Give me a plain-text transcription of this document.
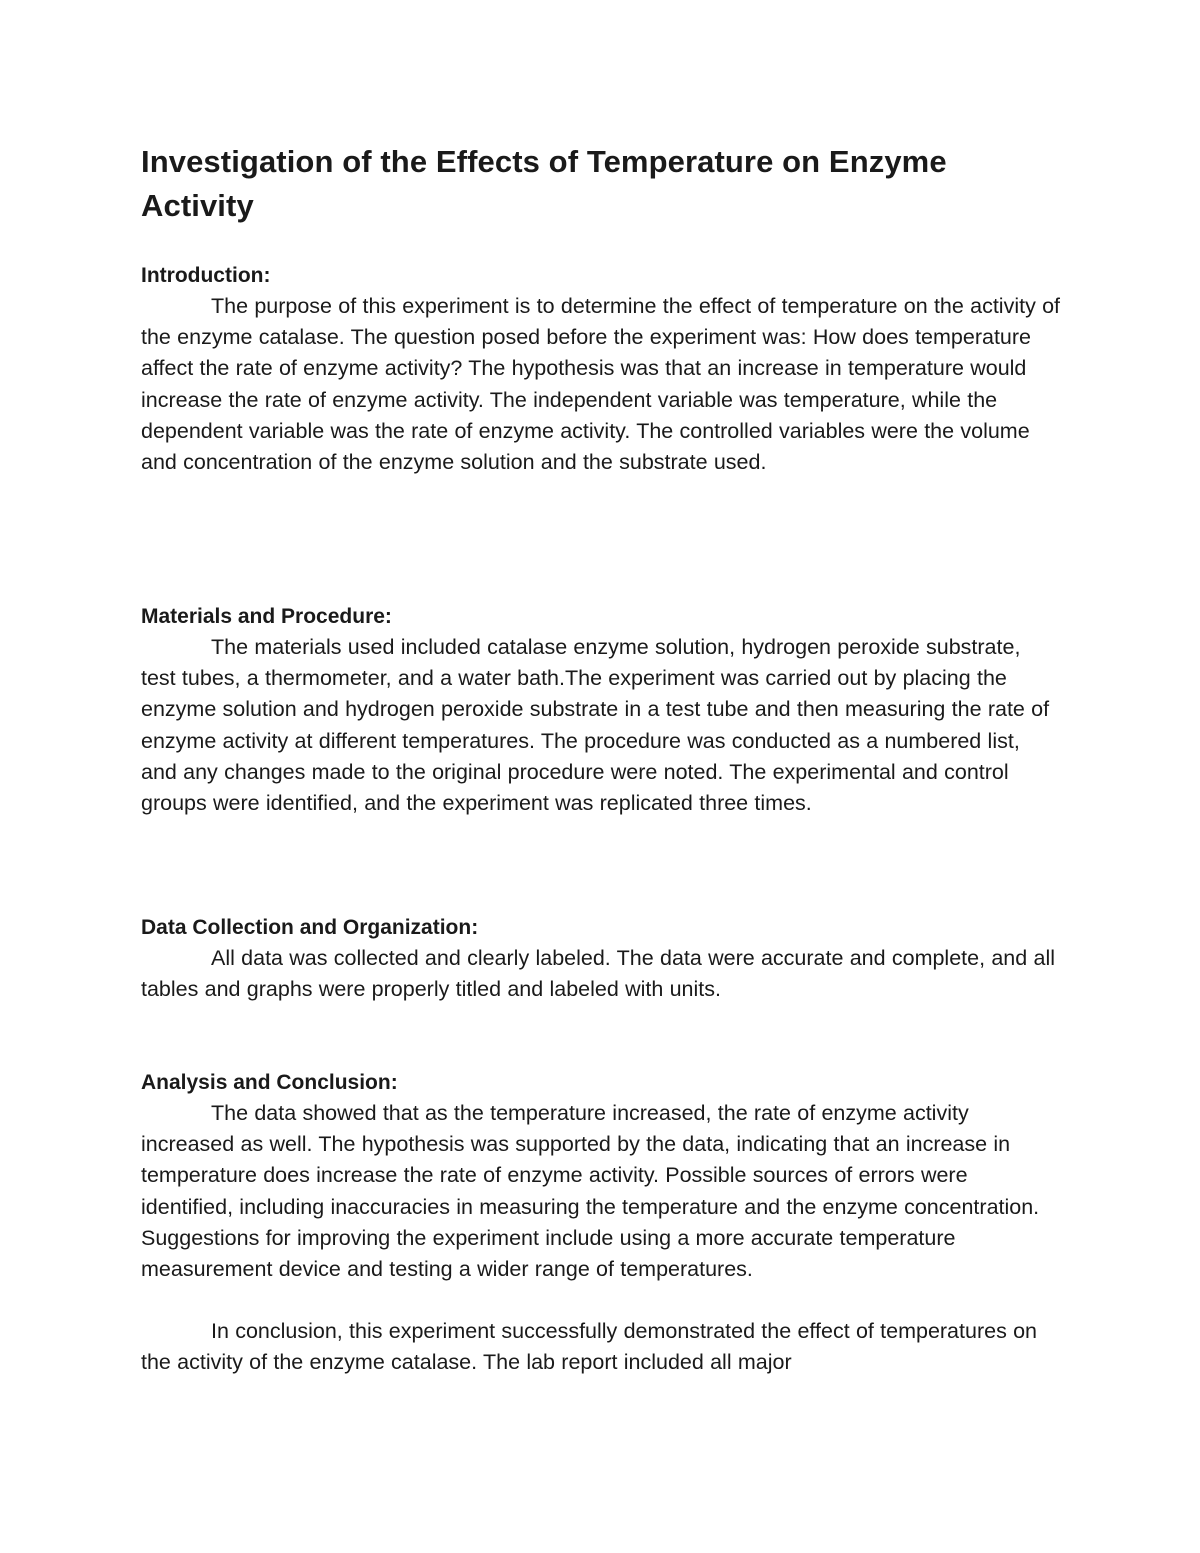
Investigation of the Effects of Temperature on Enzyme Activity

Introduction:

The purpose of this experiment is to determine the effect of temperature on the activity of the enzyme catalase. The question posed before the experiment was: How does temperature affect the rate of enzyme activity? The hypothesis was that an increase in temperature would increase the rate of enzyme activity. The independent variable was temperature, while the dependent variable was the rate of enzyme activity. The controlled variables were the volume and concentration of the enzyme solution and the substrate used.

Materials and Procedure:

The materials used included catalase enzyme solution, hydrogen peroxide substrate, test tubes, a thermometer, and a water bath.The experiment was carried out by placing the enzyme solution and hydrogen peroxide substrate in a test tube and then measuring the rate of enzyme activity at different temperatures. The procedure was conducted as a numbered list, and any changes made to the original procedure were noted. The experimental and control groups were identified, and the experiment was replicated three times.

Data Collection and Organization:

All data was collected and clearly labeled. The data were accurate and complete, and all tables and graphs were properly titled and labeled with units.

Analysis and Conclusion:

The data showed that as the temperature increased, the rate of enzyme activity increased as well. The hypothesis was supported by the data, indicating that an increase in temperature does increase the rate of enzyme activity. Possible sources of errors were identified, including inaccuracies in measuring the temperature and the enzyme concentration. Suggestions for improving the experiment include using a more accurate temperature measurement device and testing a wider range of temperatures.

In conclusion, this experiment successfully demonstrated the effect of temperatures on the activity of the enzyme catalase. The lab report included all major
